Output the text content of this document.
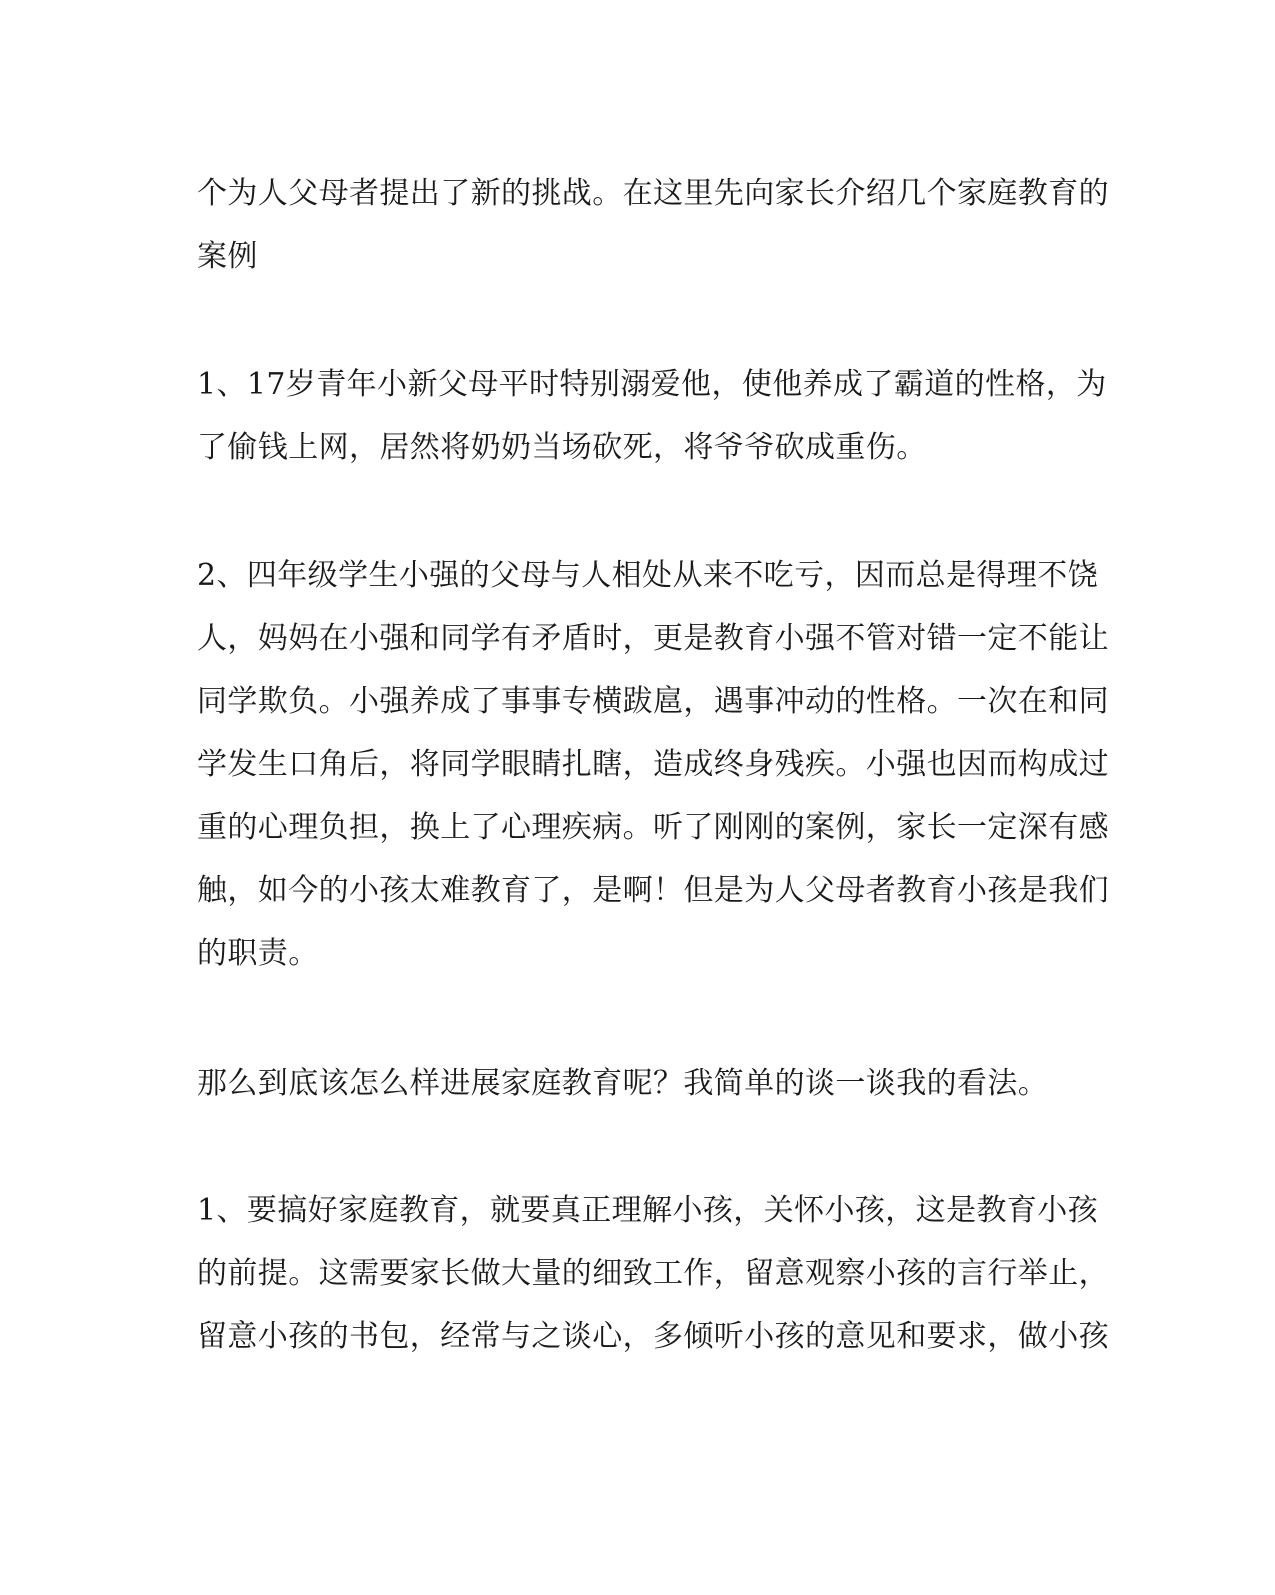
个为人父母者提出了新的挑战。在这里先向家长介绍几个家庭教育的
案例
1、17岁青年小新父母平时特别溺爱他，使他养成了霸道的性格，为
了偷钱上网，居然将奶奶当场砍死，将爷爷砍成重伤。
2、四年级学生小强的父母与人相处从来不吃亏，因而总是得理不饶
人，妈妈在小强和同学有矛盾时，更是教育小强不管对错一定不能让
同学欺负。小强养成了事事专横跋扈，遇事冲动的性格。一次在和同
学发生口角后，将同学眼睛扎瞎，造成终身残疾。小强也因而构成过
重的心理负担，换上了心理疾病。听了刚刚的案例，家长一定深有感
触，如今的小孩太难教育了，是啊！但是为人父母者教育小孩是我们
的职责。
那么到底该怎么样进展家庭教育呢？我简单的谈一谈我的看法。
1、要搞好家庭教育，就要真正理解小孩，关怀小孩，这是教育小孩
的前提。这需要家长做大量的细致工作，留意观察小孩的言行举止，
留意小孩的书包，经常与之谈心，多倾听小孩的意见和要求，做小孩
